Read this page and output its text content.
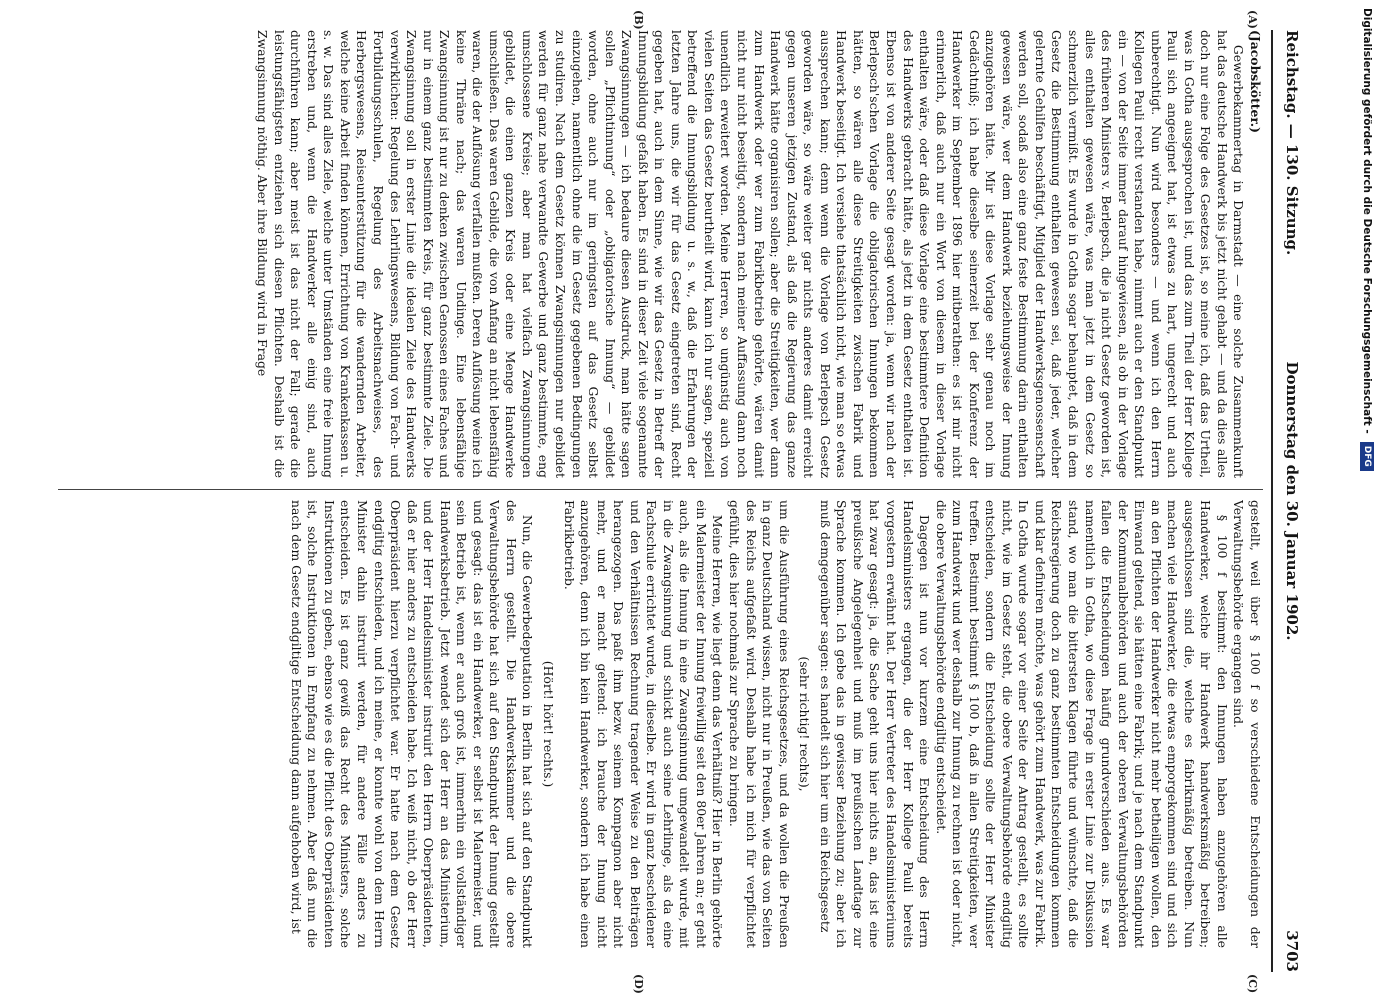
Reichstag. — 130. Sitzung.
Donnerstag den 30. Januar 1902.
3703
(A)
(B)
(C)
(D)

(Jacobskötter.)

Gewerbekammertag in Darmstadt — eine solche Zusammenkunft hat das deutsche Handwerk bis jetzt nicht gehabt — und da dies alles doch nur eine Folge des Gesetzes ist, so meine ich, daß das Urtheil, was in Gotha ausgesprochen ist, und das zum Theil der Herr Kollege Pauli sich angeeignet hat, ist etwas zu hart, ungerecht und auch unberechtigt. Nun wird besonders — und wenn ich den Herrn Kollegen Pauli recht verstanden habe, nimmt auch er den Standpunkt ein — von der Seite immer darauf hingewiesen, als ob in der Vorlage des früheren Ministers v. Berlepsch, die ja nicht Gesetz geworden ist, alles enthalten gewesen wäre, was man jetzt in dem Gesetz so schmerzlich vermißt. Es wurde in Gotha sogar behauptet, daß in dem Gesetz die Bestimmung enthalten gewesen sei, daß jeder, welcher gelernte Gehilfen beschäftigt, Mitglied der Handwerksgenossenschaft werden soll, sodaß also eine ganz feste Bestimmung darin enthalten gewesen wäre, wer dem Handwerk beziehungsweise der Innung anzugehören hätte. Mir ist diese Vorlage sehr genau noch im Gedächtniß; ich habe dieselbe seinerzeit bei der Konferenz der Handwerker im September 1896 hier mitberathen: es ist mir nicht erinnerlich, daß auch nur ein Wort von diesem in dieser Vorlage enthalten wäre, oder daß diese Vorlage eine bestimmtere Definition des Handwerks gebracht hätte, als jetzt in dem Gesetz enthalten ist. Ebenso ist von anderer Seite gesagt worden: ja, wenn wir nach der Berlepsch'schen Vorlage die obligatorischen Innungen bekommen hätten, so wären alle diese Streitigkeiten zwischen Fabrik und Handwerk beseitigt. Ich versiehe thatsächlich nicht, wie man so etwas aussprechen kann; denn wenn die Vorlage von Berlepsch Gesetz geworden wäre, so wäre weiter gar nichts anderes damit erreicht gegen unseren jetzigen Zustand, als daß die Regierung das ganze Handwerk hätte organisiren sollen; aber die Streitigkeiten, wer dann zum Handwerk oder wer zum Fabrikbetrieb gehörte, wären damit nicht nur nicht beseitigt, sondern nach meiner Auffassung dann noch unendlich erweitert worden. Meine Herren, so ungünstig auch von vielen Seiten das Gesetz beurtheilt wird, kann ich nur sagen, speziell betreffend die Innungsbildung u. s. w., daß die Erfahrungen der letzten Jahre uns, die wir für das Gesetz eingetreten sind, Recht gegeben hat, auch in dem Sinne, wie wir das Gesetz in Betreff der Innungsbildung gefaßt haben. Es sind in dieser Zeit viele sogenannte Zwangsinnungen — ich bedaure diesen Ausdruck, man hätte sagen sollen „Pflichtinnung“ oder „obligatorische Innung“ — gebildet worden, ohne auch nur im geringsten auf das Gesetz selbst einzugehen, namentlich ohne die im Gesetz gegebenen Bedingungen zu studiren. Nach dem Gesetz können Zwangsinnungen nur gebildet werden für ganz nahe verwandte Gewerbe und ganz bestimmte, eng umschlossene Kreise; aber man hat vielfach Zwangsinnungen gebildet, die einen ganzen Kreis oder eine Menge Handwerke umschließen. Das waren Gebilde, die von Anfang an nicht lebensfähig waren, die der Auflösung verfallen mußten. Deren Auflösung weine ich keine Thräne nach; das waren Undinge. Eine lebensfähige Zwangsinnung ist nur zu denken zwischen Genossen eines Faches und nur in einem ganz bestimmten Kreis, für ganz bestimmte Ziele. Die Zwangsinnung soll in erster Linie die idealen Ziele des Handwerks verwirklichen: Regelung des Lehrlingswesens, Bildung von Fach- und Fortbildungsschulen, Regelung des Arbeitsnachweises, des Herbergswesens, Reiseunterstützung für die wandernden Arbeiter, welche keine Arbeit finden können, Errichtung von Krankenkassen u. s. w. Das sind alles Ziele, welche unter Umständen eine freie Innung erstreben und, wenn die Handwerker alle einig sind, auch durchführen kann; aber meist ist das nicht der Fall; gerade die leistungsfähigsten entziehen sich diesen Pflichten. Deshalb ist die Zwangsinnung nöthig. Aber ihre Bildung wird in Frage

gestellt, weil über § 100 f so verschiedene Entscheidungen der Verwaltungsbehörde ergangen sind.

§ 100 f bestimmt: den Innungen haben anzugehören alle Handwerker, welche ihr Handwerk handwerksmäßig betreiben; ausgeschlossen sind die, welche es fabrikmäßig betreiben. Nun machen viele Handwerker, die etwas emporgekommen sind und sich an den Pflichten der Handwerker nicht mehr betheiligen wollen, den Einwand geltend, sie hätten eine Fabrik; und je nach dem Standpunkt der Kommunalbehörden und auch der oberen Verwaltungsbehörden fallen die Entscheidungen häufig grundverschieden aus. Es war namentlich in Gotha, wo diese Frage in erster Linie zur Diskussion stand, wo man die bittersten Klagen führte und wünschte, daß die Reichsregierung doch zu ganz bestimmten Entscheidungen kommen und klar definiren möchte, was gehört zum Handwerk, was zur Fabrik. In Gotha wurde sogar vor einer Seite der Antrag gestellt, es sollte nicht, wie im Gesetz steht, die obere Verwaltungsbehörde endgiltig entscheiden, sondern die Entscheidung sollte der Herr Minister treffen. Bestimmt bestimmt § 100 b, daß in allen Streitigkeiten, wer zum Handwerk und wer deshalb zur Innung zu rechnen ist oder nicht, die obere Verwaltungsbehörde endgiltig entscheidet.

Dagegen ist nun vor kurzem eine Entscheidung des Herrn Handelsministers ergangen, die der Herr Kollege Pauli bereits vorgestern erwähnt hat. Der Herr Vertreter des Handelsministeriums hat zwar gesagt: ja, die Sache geht uns hier nichts an, das ist eine preußische Angelegenheit und muß im preußischen Landtage zur Sprache kommen. Ich gebe das in gewisser Beziehung zu; aber ich muß demgegenüber sagen: es handelt sich hier um ein Reichsgesetz

(sehr richtig! rechts),

um die Ausführung eines Reichsgesetzes, und da wollen die Preußen in ganz Deutschland wissen, nicht nur in Preußen, wie das von Seiten des Reichs aufgefaßt wird. Deshalb habe ich mich für verpflichtet gefühlt, dies hier nochmals zur Sprache zu bringen.

Meine Herren, wie liegt denn das Verhältniß? Hier in Berlin gehörte ein Malermeister der Innung freiwillig seit den 80er Jahren an; er geht auch, als die Innung in eine Zwangsinnung umgewandelt wurde, mit in die Zwangsinnung und schickt auch seine Lehrlinge, als da eine Fachschule errichtet wurde, in dieselbe. Er wird in ganz bescheidener und den Verhältnissen Rechnung tragender Weise zu den Beiträgen herangezogen. Das paßt ihm bezw. seinem Kompagnon aber nicht mehr, und er macht geltend: ich brauche der Innung nicht anzugehören, denn ich bin kein Handwerker, sondern ich habe einen Fabrikbetrieb.

(Hört! hört! rechts.)

Nun, die Gewerbedeputation in Berlin hat sich auf den Standpunkt des Herrn gestellt. Die Handwerkskammer und die obere Verwaltungsbehörde hat sich auf den Standpunkt der Innung gestellt und gesagt: das ist ein Handwerker, er selbst ist Malermeister, und sein Betrieb ist, wenn er auch groß ist, immerhin ein vollständiger Handwerksbetrieb. Jetzt wendet sich der Herr an das Ministerium, und der Herr Handelsminister instruirt den Herrn Oberpräsidenten, daß er hier anders zu entscheiden habe. Ich weiß nicht, ob der Herr Oberpräsident hierzu verpflichtet war. Er hatte nach dem Gesetz endgiltig entschieden, und ich meine, er konnte wohl von dem Herrn Minister dahin instruirt werden, für andere Fälle anders zu entscheiden. Es ist ganz gewiß das Recht des Ministers, solche Instruktionen zu geben, ebenso wie es die Pflicht des Oberpräsidenten ist, solche Instruktionen in Empfang zu nehmen. Aber daß nun die nach dem Gesetz endgiltige Entscheidung dann aufgehoben wird, ist

Digitalisierung gefördert durch die Deutsche Forschungsgemeinschaft -DFG
